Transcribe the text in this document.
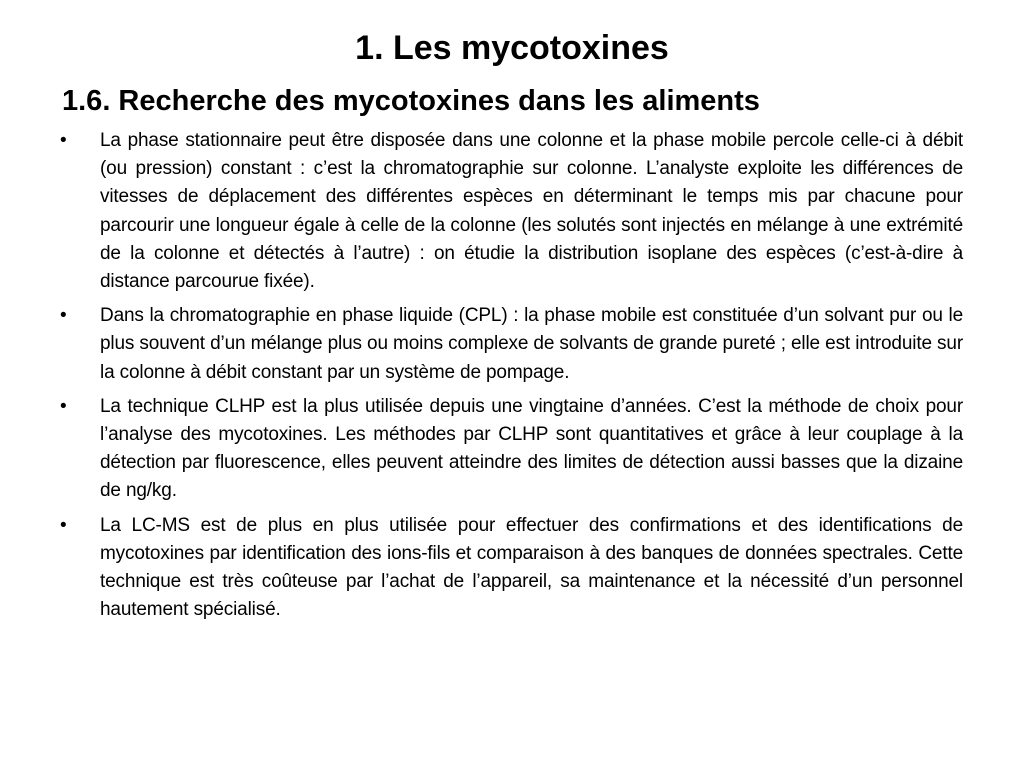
1. Les mycotoxines
1.6. Recherche des mycotoxines dans les aliments
• La phase stationnaire peut être disposée dans une colonne et la phase mobile percole celle-ci à débit (ou pression) constant : c’est la chromatographie sur colonne. L’analyste exploite les différences de vitesses de déplacement des différentes espèces en déterminant le temps mis par chacune pour parcourir une longueur égale à celle de la colonne (les solutés sont injectés en mélange à une extrémité de la colonne et détectés à l’autre) : on étudie la distribution isoplane des espèces (c’est-à-dire à distance parcourue fixée).
• Dans la chromatographie en phase liquide (CPL) : la phase mobile est constituée d’un solvant pur ou le plus souvent d’un mélange plus ou moins complexe de solvants de grande pureté ; elle est introduite sur la colonne à débit constant par un système de pompage.
• La technique CLHP est la plus utilisée depuis une vingtaine d’années. C’est la méthode de choix pour l’analyse des mycotoxines. Les méthodes par CLHP sont quantitatives et grâce à leur couplage à la détection par fluorescence, elles peuvent atteindre des limites de détection aussi basses que la dizaine de ng/kg.
• La LC-MS est de plus en plus utilisée pour effectuer des confirmations et des identifications de mycotoxines par identification des ions-fils et comparaison à des banques de données spectrales. Cette technique est très coûteuse par l’achat de l’appareil, sa maintenance et la nécessité d’un personnel hautement spécialisé.
